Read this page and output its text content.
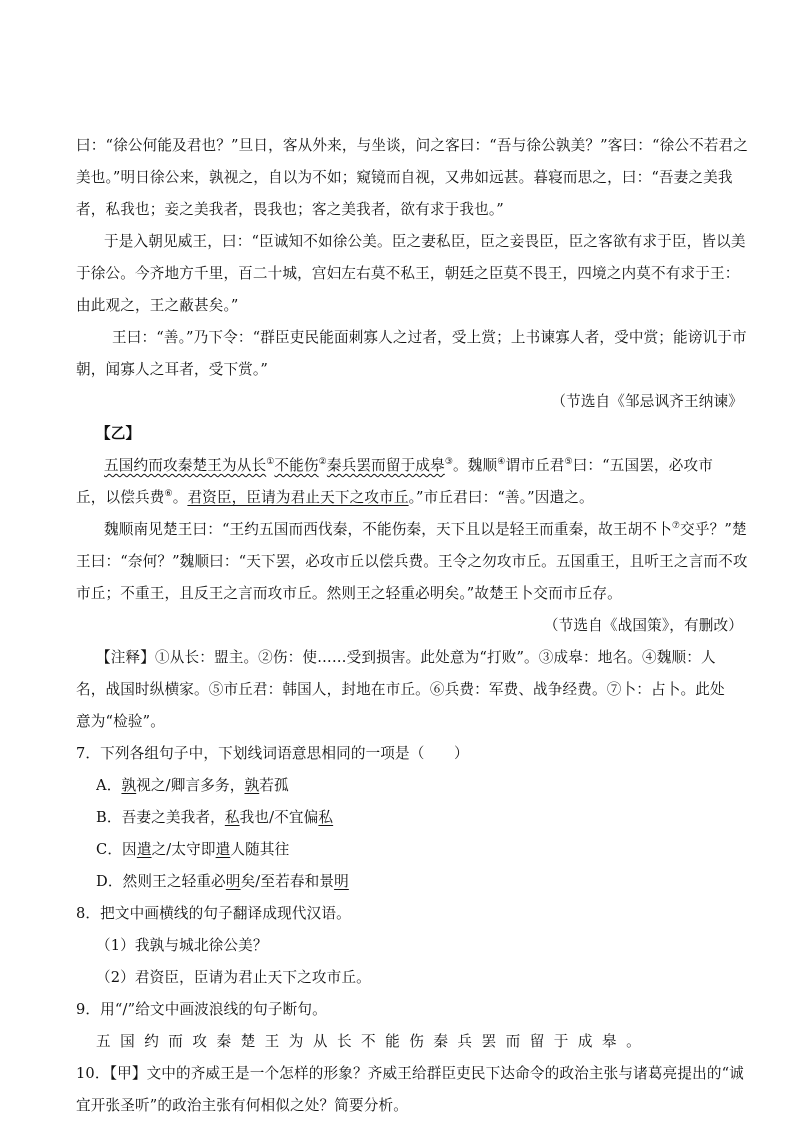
曰：“徐公何能及君也？”旦日，客从外来，与坐谈，问之客曰：“吾与徐公孰美？”客曰：“徐公不若君之
美也。”明日徐公来，孰视之，自以为不如；窥镜而自视，又弗如远甚。暮寝而思之，曰：“吾妻之美我
者，私我也；妾之美我者，畏我也；客之美我者，欲有求于我也。”
于是入朝见威王，曰：“臣诚知不如徐公美。臣之妻私臣，臣之妾畏臣，臣之客欲有求于臣，皆以美
于徐公。今齐地方千里，百二十城，宫妇左右莫不私王，朝廷之臣莫不畏王，四境之内莫不有求于王：
由此观之，王之蔽甚矣。”
王曰：“善。”乃下令：“群臣吏民能面刺寡人之过者，受上赏；上书谏寡人者，受中赏；能谤讥于市
朝，闻寡人之耳者，受下赏。”
（节选自《邹忌讽齐王纳谏》
【乙】
五国约而攻秦楚王为从长①不能伤②秦兵罢而留于成皋③。魏顺④谓市丘君⑤曰：“五国罢，必攻市
丘，以偿兵费⑥。君资臣，臣请为君止天下之攻市丘。”市丘君曰：“善。”因遣之。
魏顺南见楚王曰：“王约五国而西伐秦，不能伤秦，天下且以是轻王而重秦，故王胡不卜⑦交乎？”楚
王曰：“奈何？”魏顺曰：“天下罢，必攻市丘以偿兵费。王令之勿攻市丘。五国重王，且听王之言而不攻
市丘；不重王，且反王之言而攻市丘。然则王之轻重必明矣。”故楚王卜交而市丘存。
（节选自《战国策》，有删改）
【注释】①从长：盟主。②伤：使……受到损害。此处意为“打败”。③成皋：地名。④魏顺：人
名，战国时纵横家。⑤市丘君：韩国人，封地在市丘。⑥兵费：军费、战争经费。⑦卜：占卜。此处
意为“检验”。
7．下列各组句子中，下划线词语意思相同的一项是（　　）
A．孰视之/卿言多务，孰若孤
B．吾妻之美我者，私我也/不宜偏私
C．因遣之/太守即遣人随其往
D．然则王之轻重必明矣/至若春和景明
8．把文中画横线的句子翻译成现代汉语。
（1）我孰与城北徐公美？
（2）君资臣，臣请为君止天下之攻市丘。
9．用“/”给文中画波浪线的句子断句。
五国约而攻秦楚王为从长不能伤秦兵罢而留于成皋。
10．【甲】文中的齐威王是一个怎样的形象？齐威王给群臣吏民下达命令的政治主张与诸葛亮提出的“诚
宜开张圣听”的政治主张有何相似之处？简要分析。
